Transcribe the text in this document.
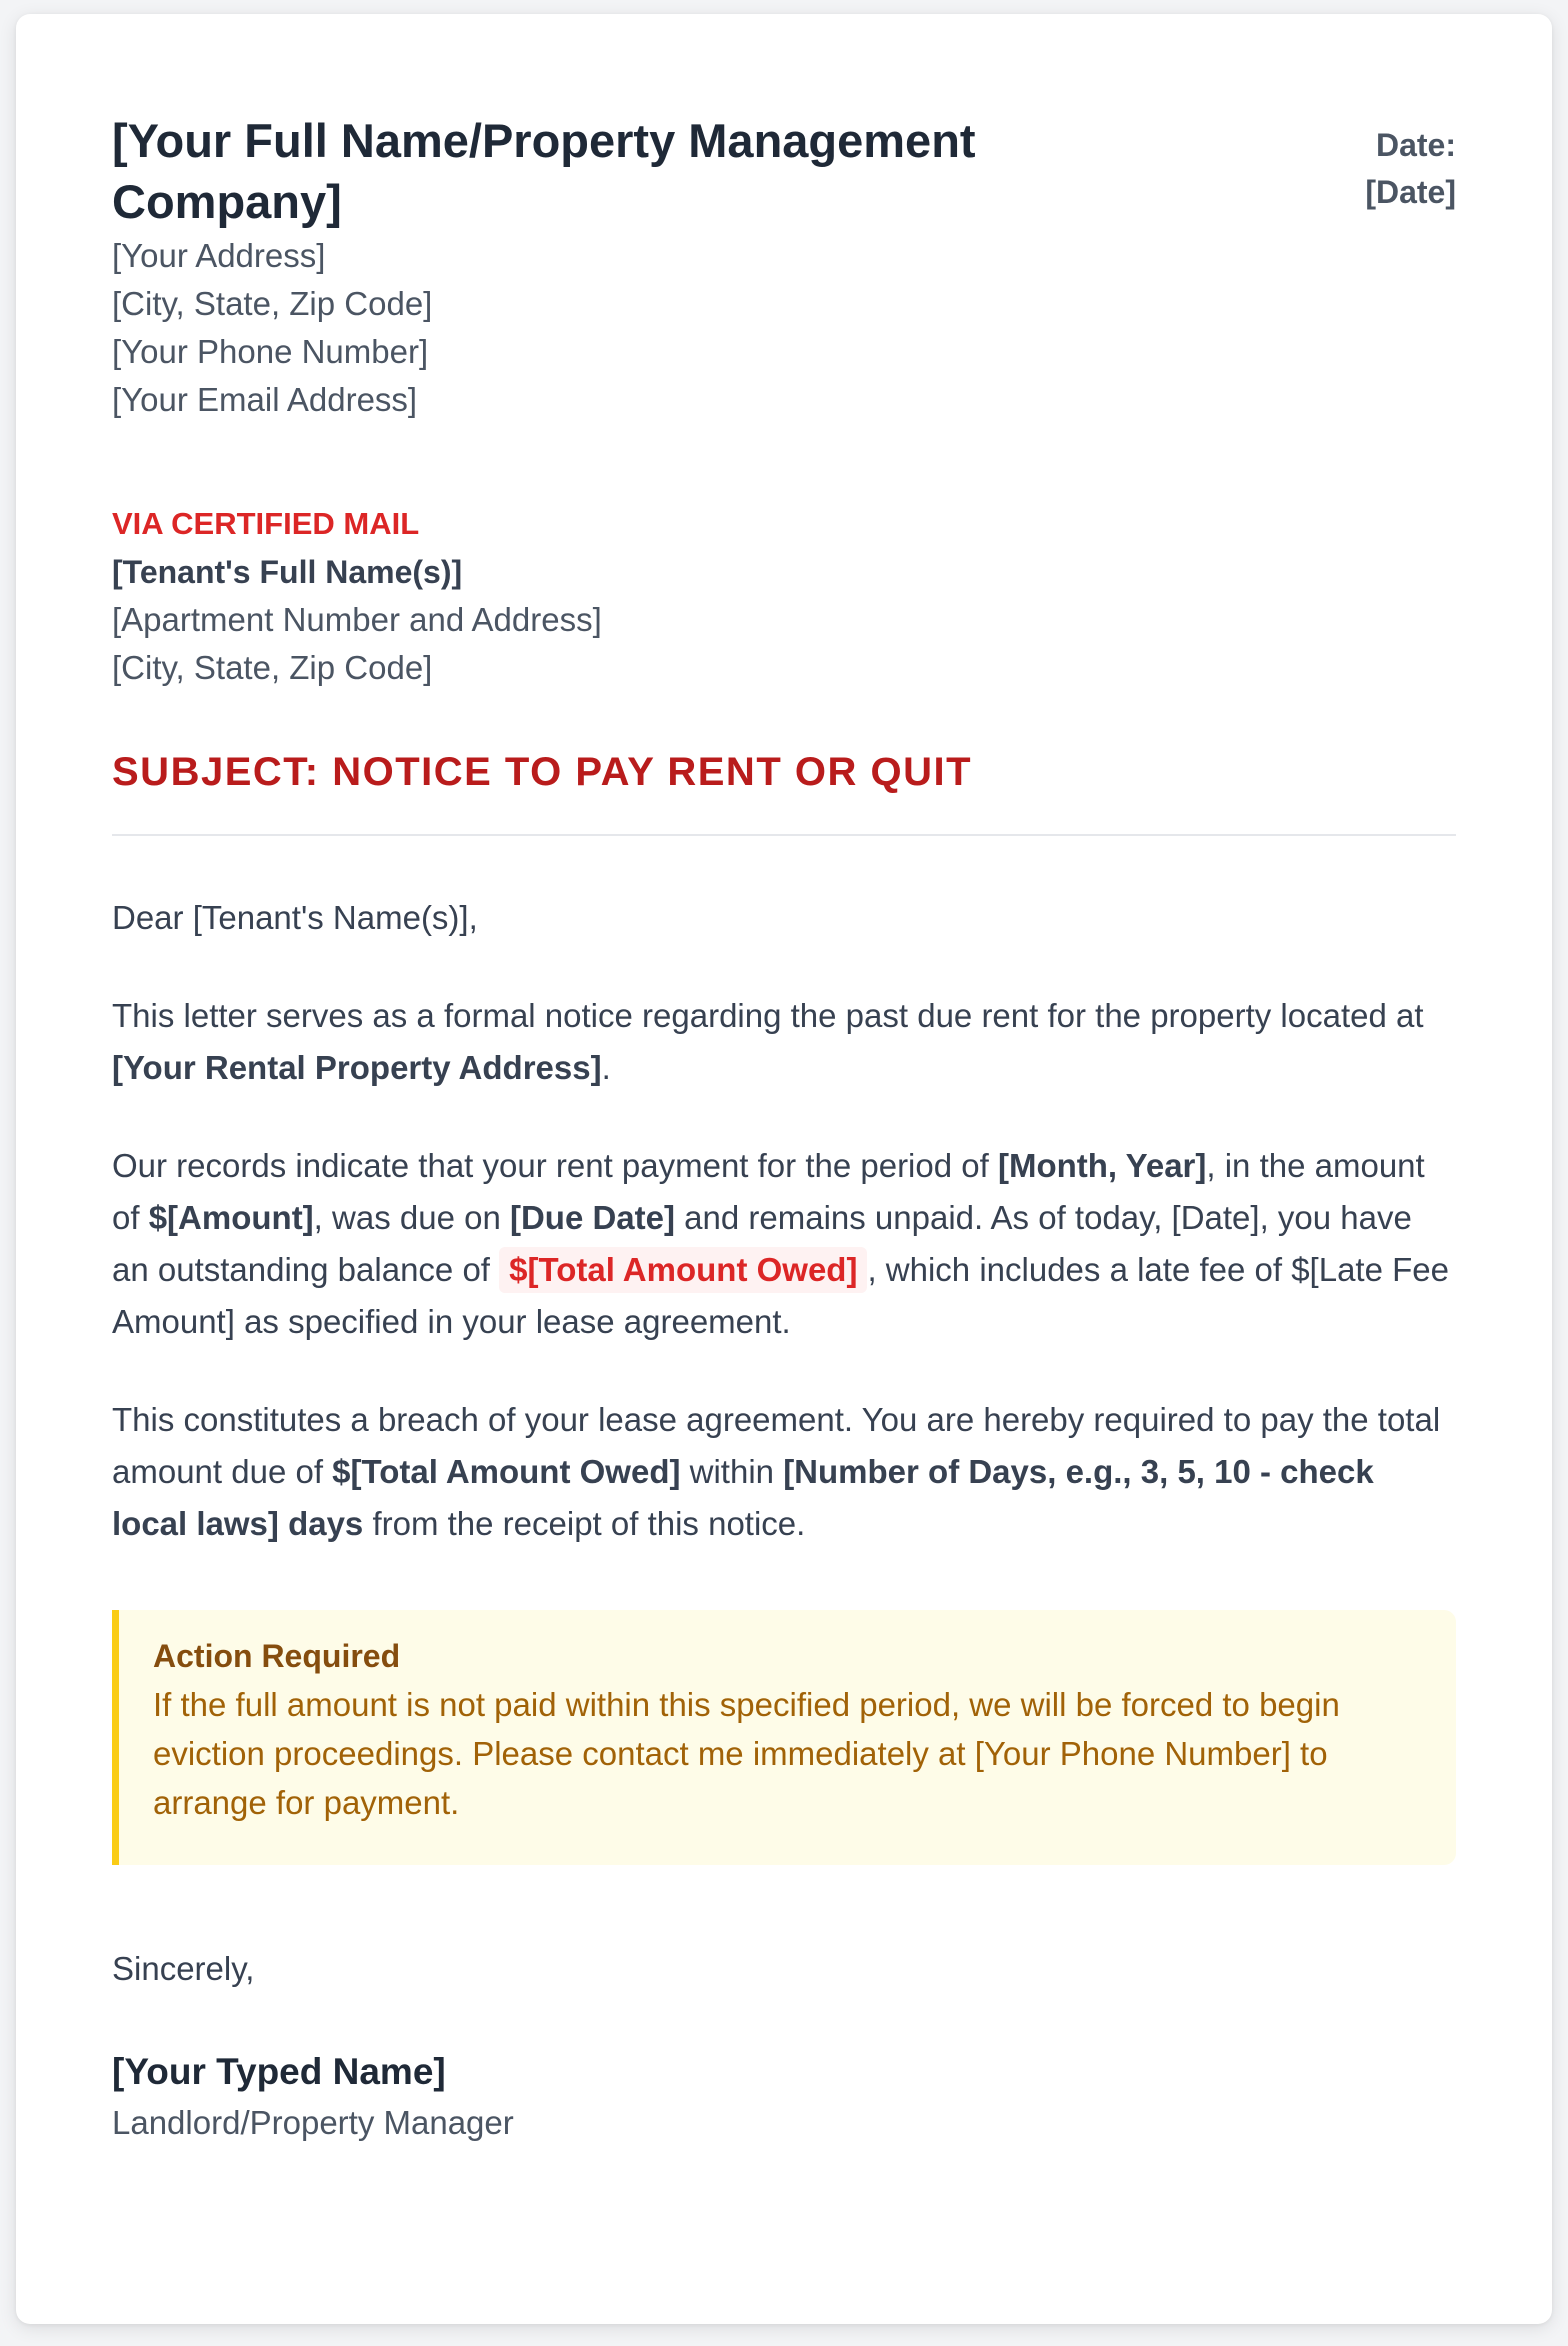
[Your Full Name/Property Management Company]
[Your Address]
[City, State, Zip Code]
[Your Phone Number]
[Your Email Address]
Date:
[Date]
VIA CERTIFIED MAIL
[Tenant's Full Name(s)]
[Apartment Number and Address]
[City, State, Zip Code]
SUBJECT: NOTICE TO PAY RENT OR QUIT

Dear [Tenant's Name(s)],

This letter serves as a formal notice regarding the past due rent for the property located at [Your Rental Property Address].

Our records indicate that your rent payment for the period of [Month, Year], in the amount of $[Amount], was due on [Due Date] and remains unpaid. As of today, [Date], you have an outstanding balance of $[Total Amount Owed] , which includes a late fee of $[Late Fee Amount] as specified in your lease agreement.

This constitutes a breach of your lease agreement. You are hereby required to pay the total amount due of $[Total Amount Owed] within [Number of Days, e.g., 3, 5, 10 - check local laws] days from the receipt of this notice.

Action Required
If the full amount is not paid within this specified period, we will be forced to begin eviction proceedings. Please contact me immediately at [Your Phone Number] to arrange for payment.
Sincerely,
[Your Typed Name]
Landlord/Property Manager
